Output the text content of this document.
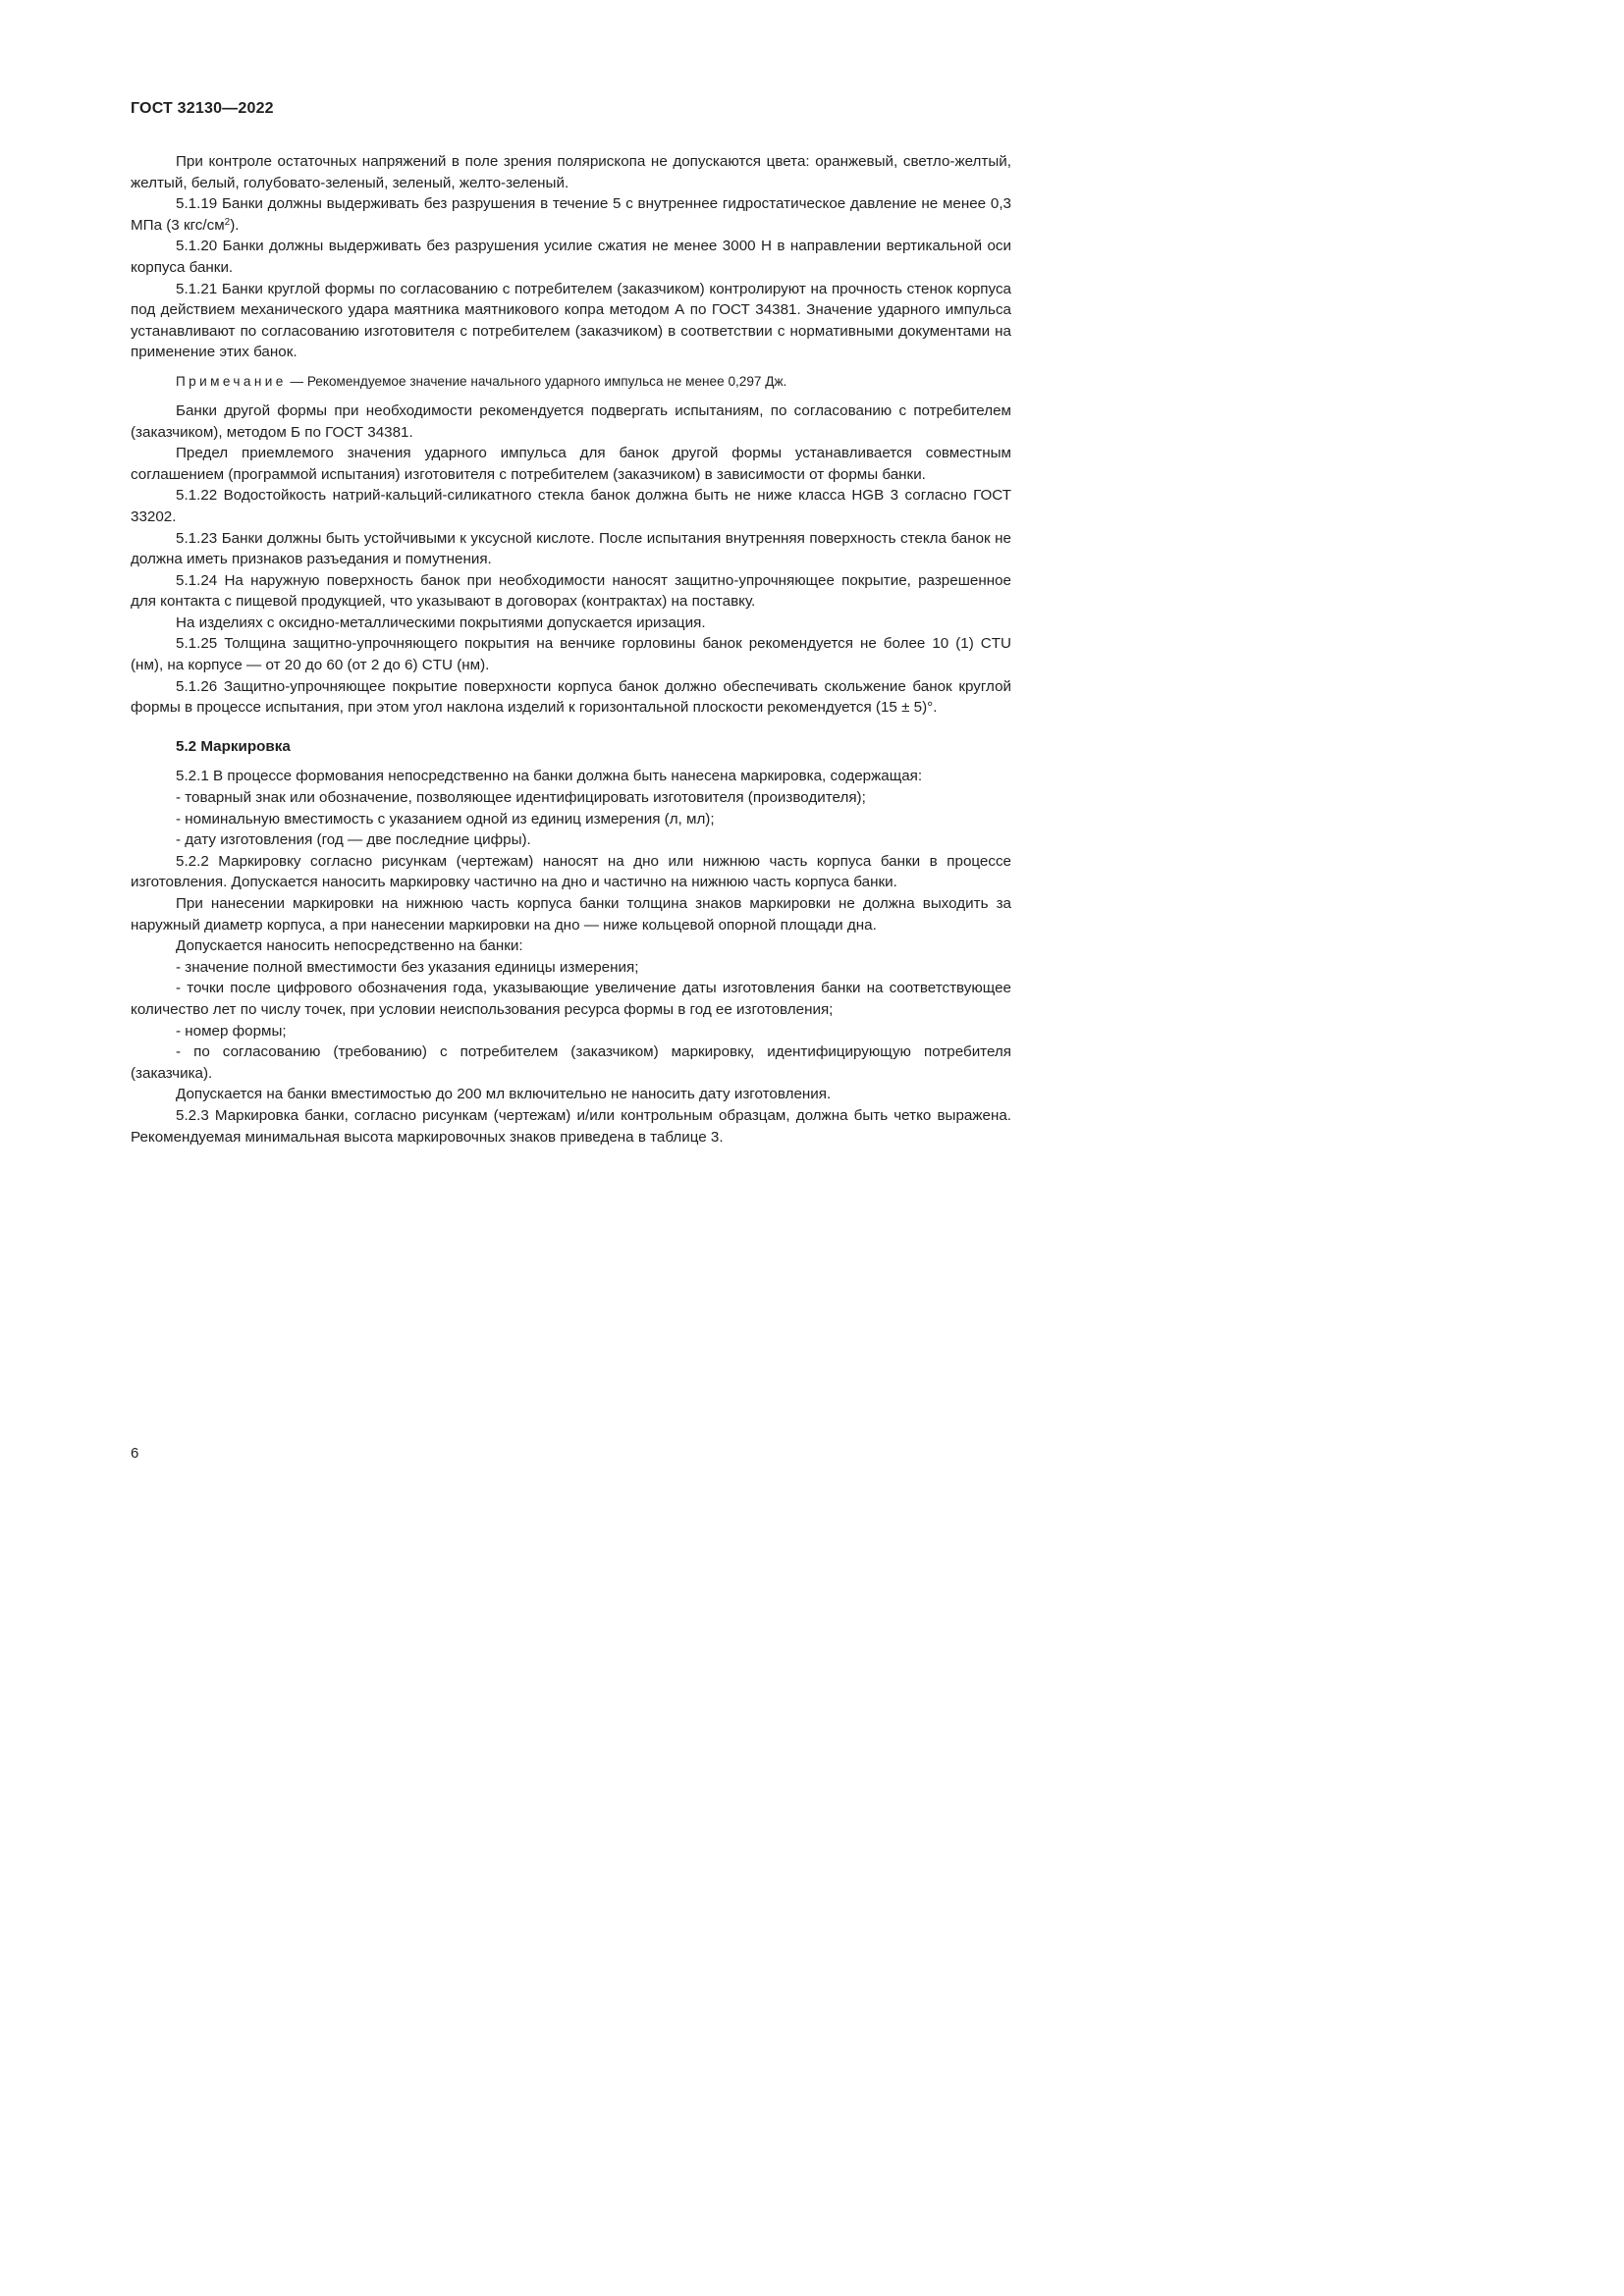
ГОСТ 32130—2022

При контроле остаточных напряжений в поле зрения полярископа не допускаются цвета: оранжевый, светло-желтый, желтый, белый, голубовато-зеленый, зеленый, желто-зеленый.

5.1.19 Банки должны выдерживать без разрушения в течение 5 с внутреннее гидростатическое давление не менее 0,3 МПа (3 кгс/$см^2$).

5.1.20 Банки должны выдерживать без разрушения усилие сжатия не менее 3000 Н в направлении вертикальной оси корпуса банки.

5.1.21 Банки круглой формы по согласованию с потребителем (заказчиком) контролируют на прочность стенок корпуса под действием механического удара маятника маятникового копра методом А по ГОСТ 34381. Значение ударного импульса устанавливают по согласованию изготовителя с потребителем (заказчиком) в соответствии с нормативными документами на применение этих банок.

Примечание — Рекомендуемое значение начального ударного импульса не менее 0,297 Дж.

Банки другой формы при необходимости рекомендуется подвергать испытаниям, по согласованию с потребителем (заказчиком), методом Б по ГОСТ 34381.

Предел приемлемого значения ударного импульса для банок другой формы устанавливается совместным соглашением (программой испытания) изготовителя с потребителем (заказчиком) в зависимости от формы банки.

5.1.22 Водостойкость натрий-кальций-силикатного стекла банок должна быть не ниже класса HGB 3 согласно ГОСТ 33202.

5.1.23 Банки должны быть устойчивыми к уксусной кислоте. После испытания внутренняя поверхность стекла банок не должна иметь признаков разъедания и помутнения.

5.1.24 На наружную поверхность банок при необходимости наносят защитно-упрочняющее покрытие, разрешенное для контакта с пищевой продукцией, что указывают в договорах (контрактах) на поставку.

На изделиях с оксидно-металлическими покрытиями допускается иризация.

5.1.25 Толщина защитно-упрочняющего покрытия на венчике горловины банок рекомендуется не более 10 (1) CTU (нм), на корпусе — от 20 до 60 (от 2 до 6) CTU (нм).

5.1.26 Защитно-упрочняющее покрытие поверхности корпуса банок должно обеспечивать скольжение банок круглой формы в процессе испытания, при этом угол наклона изделий к горизонтальной плоскости рекомендуется (15 ± 5)°.

5.2 Маркировка

5.2.1 В процессе формования непосредственно на банки должна быть нанесена маркировка, содержащая:

- товарный знак или обозначение, позволяющее идентифицировать изготовителя (производителя);

- номинальную вместимость с указанием одной из единиц измерения (л, мл);

- дату изготовления (год — две последние цифры).

5.2.2 Маркировку согласно рисункам (чертежам) наносят на дно или нижнюю часть корпуса банки в процессе изготовления. Допускается наносить маркировку частично на дно и частично на нижнюю часть корпуса банки.

При нанесении маркировки на нижнюю часть корпуса банки толщина знаков маркировки не должна выходить за наружный диаметр корпуса, а при нанесении маркировки на дно — ниже кольцевой опорной площади дна.

Допускается наносить непосредственно на банки:

- значение полной вместимости без указания единицы измерения;

- точки после цифрового обозначения года, указывающие увеличение даты изготовления банки на соответствующее количество лет по числу точек, при условии неиспользования ресурса формы в год ее изготовления;

- номер формы;

- по согласованию (требованию) с потребителем (заказчиком) маркировку, идентифицирующую потребителя (заказчика).

Допускается на банки вместимостью до 200 мл включительно не наносить дату изготовления.

5.2.3 Маркировка банки, согласно рисункам (чертежам) и/или контрольным образцам, должна быть четко выражена. Рекомендуемая минимальная высота маркировочных знаков приведена в таблице 3.

6
